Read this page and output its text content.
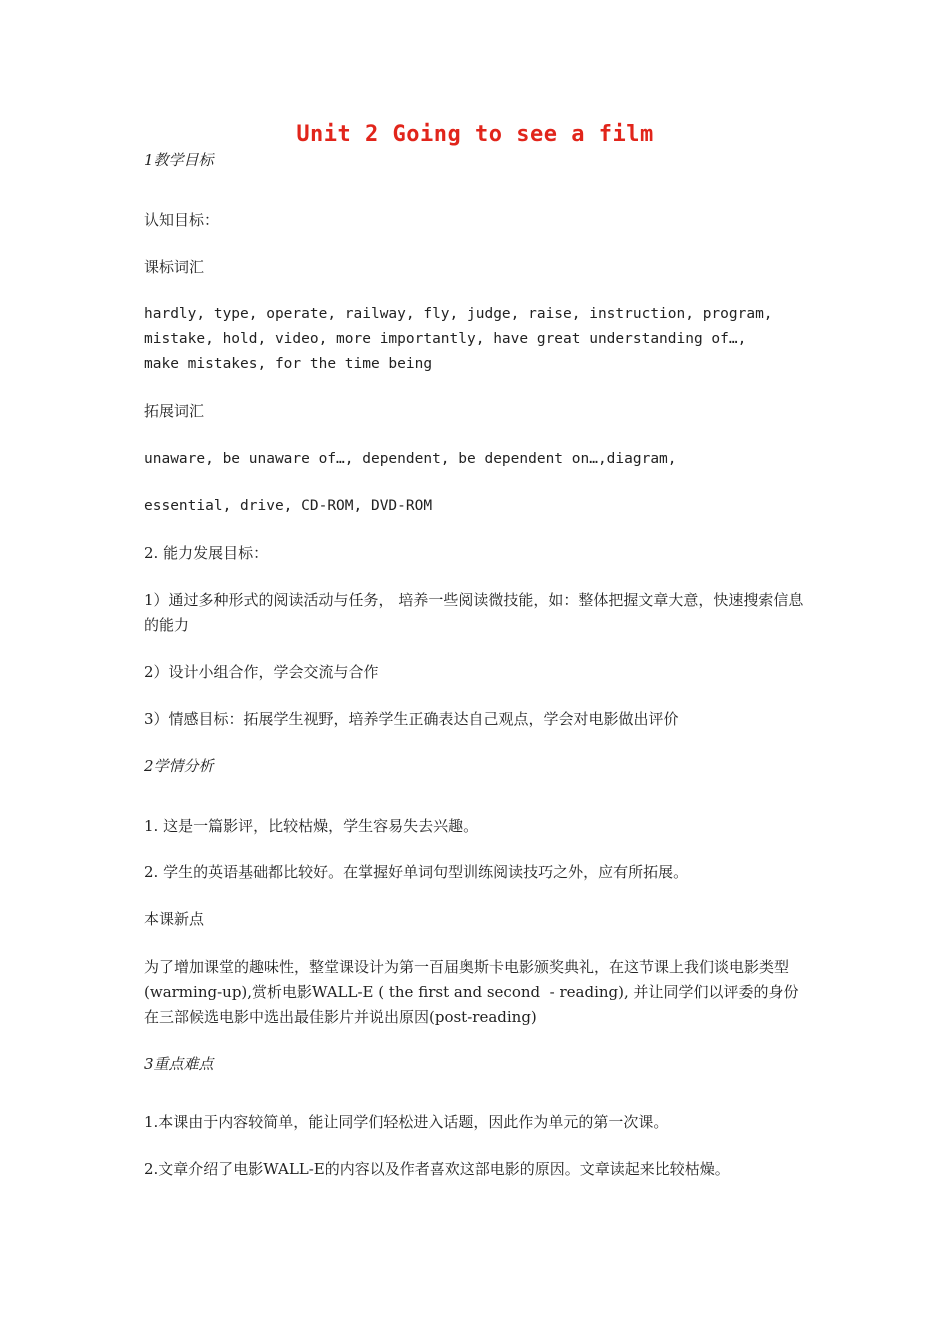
Unit 2 Going to see a film
1教学目标
认知目标：
课标词汇
hardly, type, operate, railway, fly, judge, raise, instruction, program, mistake, hold, video, more importantly, have great understanding of…, make mistakes, for the time being
拓展词汇
unaware, be unaware of…, dependent, be dependent on…,diagram,
essential, drive, CD-ROM, DVD-ROM
2. 能力发展目标：
1）通过多种形式的阅读活动与任务， 培养一些阅读微技能，如：整体把握文章大意，快速搜索信息的能力
2）设计小组合作，学会交流与合作
3）情感目标：拓展学生视野，培养学生正确表达自己观点，学会对电影做出评价
2学情分析
1. 这是一篇影评，比较枯燥，学生容易失去兴趣。
2. 学生的英语基础都比较好。在掌握好单词句型训练阅读技巧之外，应有所拓展。
本课新点
为了增加课堂的趣味性，整堂课设计为第一百届奥斯卡电影颁奖典礼，在这节课上我们谈电影类型(warming-up),赏析电影WALL-E ( the first and second  - reading), 并让同学们以评委的身份在三部候选电影中选出最佳影片并说出原因(post-reading)
3重点难点
1.本课由于内容较简单，能让同学们轻松进入话题，因此作为单元的第一次课。
2.文章介绍了电影WALL-E的内容以及作者喜欢这部电影的原因。文章读起来比较枯燥。
